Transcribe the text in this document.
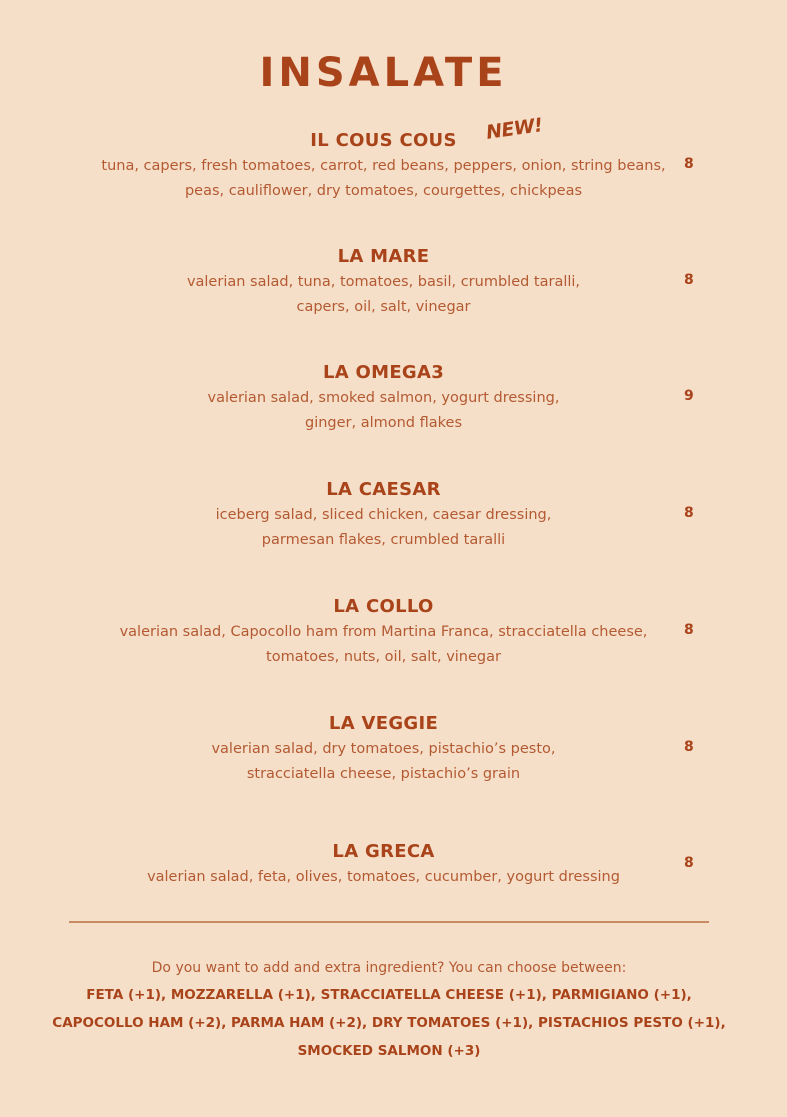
INSALATE
IL COUS COUS NEW!
tuna, capers, fresh tomatoes, carrot, red beans, peppers, onion, string beans,
peas, cauliflower, dry tomatoes, courgettes, chickpeas
8
LA MARE
valerian salad, tuna, tomatoes, basil, crumbled taralli,
capers, oil, salt, vinegar
8
LA OMEGA3
valerian salad, smoked salmon, yogurt dressing,
ginger, almond flakes
9
LA CAESAR
iceberg salad, sliced chicken, caesar dressing,
parmesan flakes, crumbled taralli
8
LA COLLO
valerian salad, Capocollo ham from Martina Franca, stracciatella cheese,
tomatoes, nuts, oil, salt, vinegar
8
LA VEGGIE
valerian salad, dry tomatoes, pistachio’s pesto,
stracciatella cheese, pistachio’s grain
8
LA GRECA
valerian salad, feta, olives, tomatoes, cucumber, yogurt dressing
8
Do you want to add and extra ingredient? You can choose between:
FETA (+1), MOZZARELLA (+1), STRACCIATELLA CHEESE (+1), PARMIGIANO (+1),
CAPOCOLLO HAM (+2), PARMA HAM (+2), DRY TOMATOES (+1), PISTACHIOS PESTO (+1),
SMOCKED SALMON (+3)
